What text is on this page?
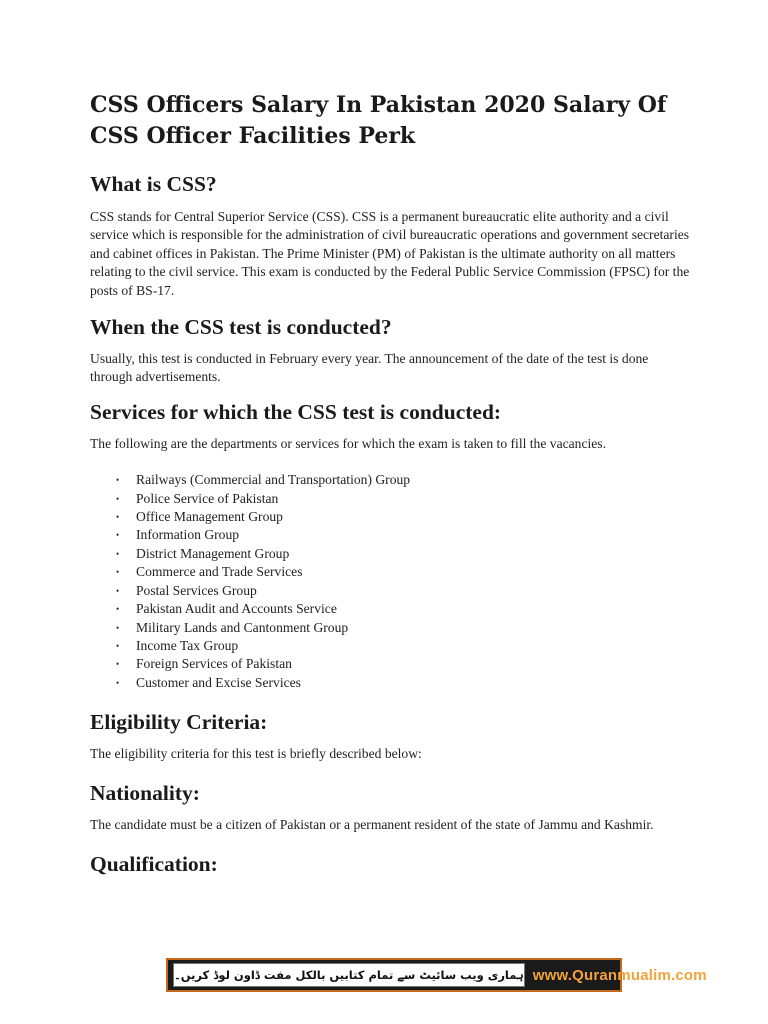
CSS Officers Salary In Pakistan 2020 Salary Of CSS Officer Facilities Perk
What is CSS?

CSS stands for Central Superior Service (CSS). CSS is a permanent bureaucratic elite authority and a civil service which is responsible for the administration of civil bureaucratic operations and government secretaries and cabinet offices in Pakistan. The Prime Minister (PM) of Pakistan is the ultimate authority on all matters relating to the civil service. This exam is conducted by the Federal Public Service Commission (FPSC) for the posts of BS-17.

When the CSS test is conducted?

Usually, this test is conducted in February every year. The announcement of the date of the test is done through advertisements.

Services for which the CSS test is conducted:

The following are the departments or services for which the exam is taken to fill the vacancies.

• Railways (Commercial and Transportation) Group
• Police Service of Pakistan
• Office Management Group
• Information Group
• District Management Group
• Commerce and Trade Services
• Postal Services Group
• Pakistan Audit and Accounts Service
• Military Lands and Cantonment Group
• Income Tax Group
• Foreign Services of Pakistan
• Customer and Excise Services
Eligibility Criteria:

The eligibility criteria for this test is briefly described below:

Nationality:

The candidate must be a citizen of Pakistan or a permanent resident of the state of Jammu and Kashmir.

Qualification:
ہماری ویب سائیٹ سے تمام کتابیں بالکل مفت ڈاون لوڈ کریں۔ www.Quranmualim.com
